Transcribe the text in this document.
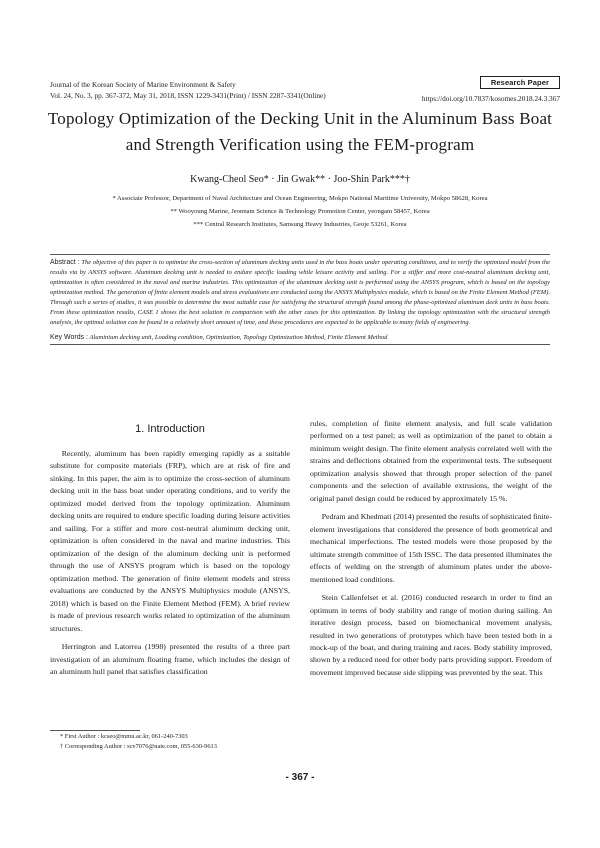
Journal of the Korean Society of Marine Environment & Safety
Vol. 24, No. 3, pp. 367-372, May 31, 2018, ISSN 1229-3431(Print) / ISSN 2287-3341(Online)
Research Paper
https://doi.org/10.7837/kosomes.2018.24.3.367
Topology Optimization of the Decking Unit in the Aluminum Bass Boat
and Strength Verification using the FEM-program
Kwang-Cheol Seo* · Jin Gwak** · Joo-Shin Park***†
* Associate Professor, Department of Naval Architecture and Ocean Engineering, Mokpo National Maritime University, Mokpo 58628, Korea
** Wooyoung Marine, Jeonnam Science & Technology Promotion Center, yeongam 58457, Korea
*** Central Research Institutes, Samsung Heavy Industries, Geoje 53261, Korea
Abstract : The objective of this paper is to optimize the cross-section of aluminum decking units used in the bass boats under operating conditions, and to verify the optimized model from the results via by ANSYS software. Aluminum decking unit is needed to endure specific loading while leisure activity and sailing. For a stiffer and more cost-neutral aluminum decking unit, optimization is often considered in the naval and marine industries. This optimization of the aluminum decking unit is performed using the ANSYS program, which is based on the topology optimization method. The generation of finite element models and stress evaluations are conducted using the ANSYS Multiphysics module, which is based on the Finite Element Method (FEM). Through such a series of studies, it was possible to determine the most suitable case for satisfying the structural strength found among the phase-optimized aluminum deck units in bass boats. From these optimization results, CASE 1 shows the best solution in comparison with the other cases for this optimization. By linking the topology optimization with the structural strength analysis, the optimal solution can be found in a relatively short amount of time, and these procedures are expected to be applicable to many fields of engineering.
Key Words : Aluminium decking unit, Loading condition, Optimization, Topology Optimization Method, Finite Element Method
1. Introduction

Recently, aluminum has been rapidly emerging rapidly as a suitable substitute for composite materials (FRP), which are at risk of fire and sinking. In this paper, the aim is to optimize the cross-section of aluminum decking unit in the bass boat under operating conditions, and to verify the optimized model derived from the topology optimization. Aluminum decking units are required to endure specific loading during leisure activities and sailing. For a stiffer and more cost-neutral aluminum decking unit, optimization is often considered in the naval and marine industries. This optimization of the design of the aluminum decking unit is performed through the use of ANSYS program which is based on the topology optimization method. The generation of finite element models and stress evaluations are conducted by the ANSYS Multiphysics module (ANSYS, 2018) which is based on the Finite Element Method (FEM). A brief review is made of previous research works related to optimization of the aluminum structures.

Herrington and Latorrea (1998) presented the results of a three part investigation of an aluminum floating frame, which includes the design of an aluminum hull panel that satisfies classification

rules, completion of finite element analysis, and full scale validation performed on a test panel; as well as optimization of the panel to obtain a minimum weight design. The finite element analysis correlated well with the strains and deflections obtained from the experimental tests. The subsequent optimization analysis showed that through proper selection of the panel components and the selection of available extrusions, the weight of the original panel design could be reduced by approximately 15 %.

Pedram and Khedmati (2014) presented the results of sophisticated finite-element investigations that considered the presence of both geometrical and mechanical imperfections. The tested models were those proposed by the ultimate strength committee of 15th ISSC. The data presented illuminates the effects of welding on the strength of aluminum plates under the above-mentioned load conditions.

Stein Callenfelset et al. (2016) conducted research in order to find an optimum in terms of body stability and range of motion during sailing. An iterative design process, based on biomechanical movement analysis, resulted in two generations of prototypes which have been tested both in a mock-up of the boat, and during training and races. Body stability improved, shown by a reduced need for other body parts providing support. Freedom of movement improved because side slipping was prevented by the seat. This

* First Author : kcseo@mmu.ac.kr, 061-240-7303
† Corresponding Author : scv7076@nate.com, 055-630-9613
- 367 -
